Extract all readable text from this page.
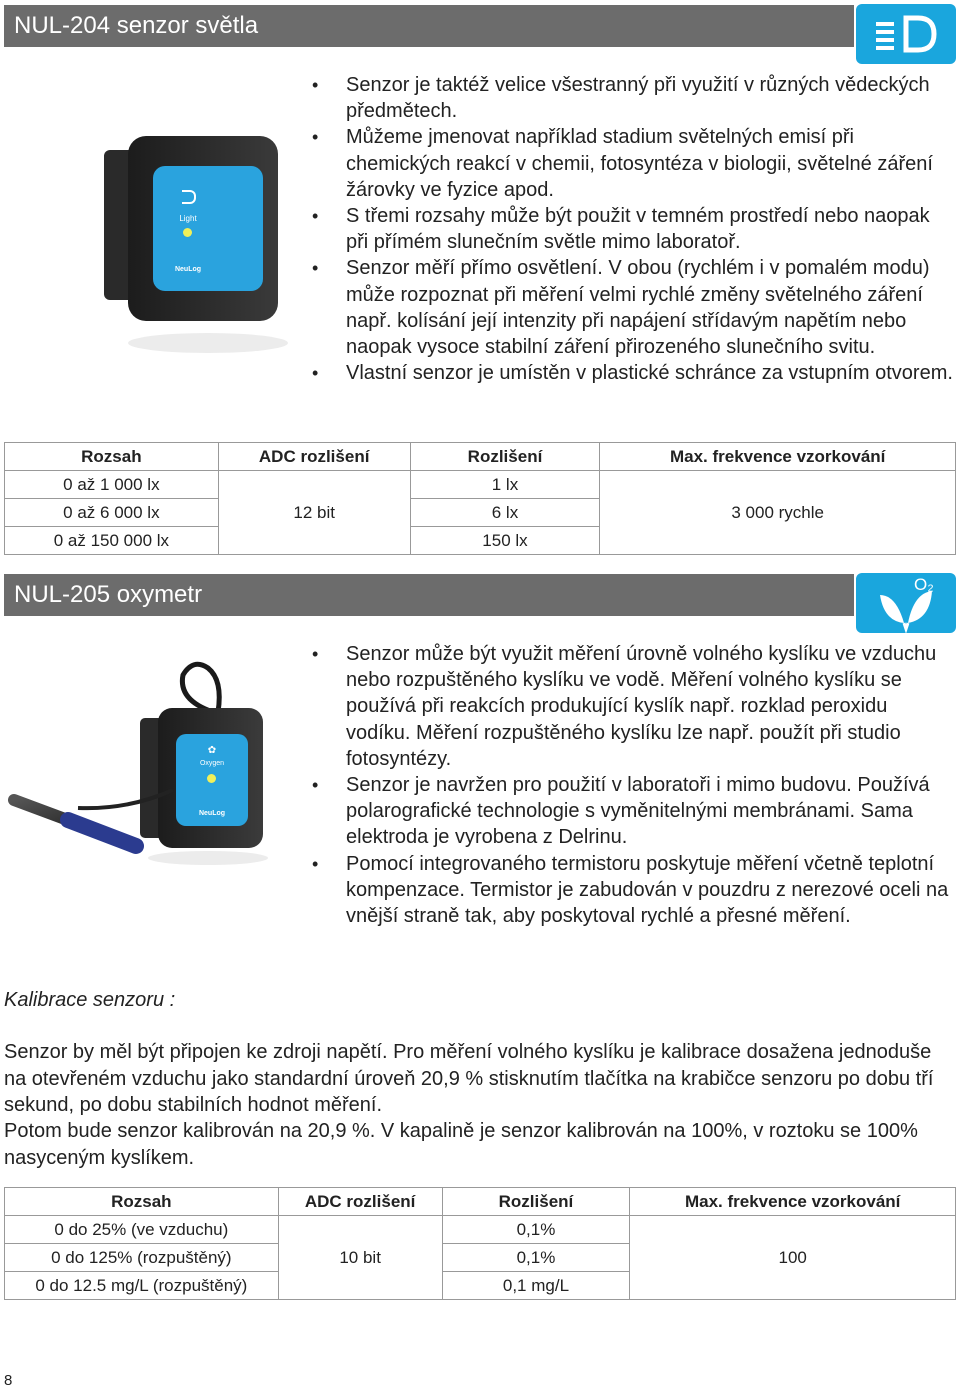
NUL-204 senzor světla
Light
NeuLog
• Senzor je taktéž velice všestranný při využití v různých vědeckých předmětech.
• Můžeme jmenovat například stadium světelných emisí při chemických reakcí v chemii, fotosyntéza v biologii, světelné záření žárovky ve fyzice apod.
• S třemi rozsahy může být použit v temném prostředí nebo naopak při přímém slunečním světle mimo laboratoř.
• Senzor měří přímo osvětlení. V obou (rychlém i v pomalém modu) může rozpoznat při měření velmi rychlé změny světelného záření např. kolísání její intenzity při napájení střídavým napětím nebo naopak vysoce stabilní záření přirozeného slunečního svitu.
• Vlastní senzor je umístěn v plastické schránce za vstupním otvorem.
Rozsah	ADC rozlišení	Rozlišení	Max. frekvence vzorkování
0 až 1 000 lx	12 bit	1 lx	3 000 rychle
0 až 6 000 lx		6 lx	
0 až 150 000 lx		150 lx	
NUL-205 oxymetr	O₂
✿
Oxygen
NeuLog
• Senzor může být využit měření úrovně volného kyslíku ve vzduchu nebo rozpuštěného kyslíku ve vodě. Měření volného kyslíku se používá při reakcích produkující kyslík např. rozklad peroxidu vodíku. Měření rozpuštěného kyslíku lze např. použít při studio fotosyntézy.
• Senzor je navržen pro použití v laboratoři i mimo budovu. Používá polarografické technologie s vyměnitelnými membránami. Sama elektroda je vyrobena z Delrinu.
• Pomocí integrovaného termistoru poskytuje měření včetně teplotní kompenzace. Termistor je zabudován v pouzdru z nerezové oceli na vnější straně tak, aby poskytoval rychlé a přesné měření.

Kalibrace senzoru :

Senzor by měl být připojen ke zdroji napětí. Pro měření volného kyslíku je kalibrace dosažena jednoduše na otevřeném vzduchu jako standardní úroveň 20,9 % stisknutím tlačítka na krabičce senzoru po dobu tří sekund, po dobu stabilních hodnot měření.

Potom bude senzor kalibrován na 20,9 %. V kapalině je senzor kalibrován na 100%, v roztoku se 100% nasyceným kyslíkem.

Rozsah	ADC rozlišení	Rozlišení	Max. frekvence vzorkování
0 do 25% (ve vzduchu)	10 bit	0,1%	100
0 do 125% (rozpuštěný)		0,1%	
0 do 12.5 mg/L (rozpuštěný)		0,1 mg/L	
8
